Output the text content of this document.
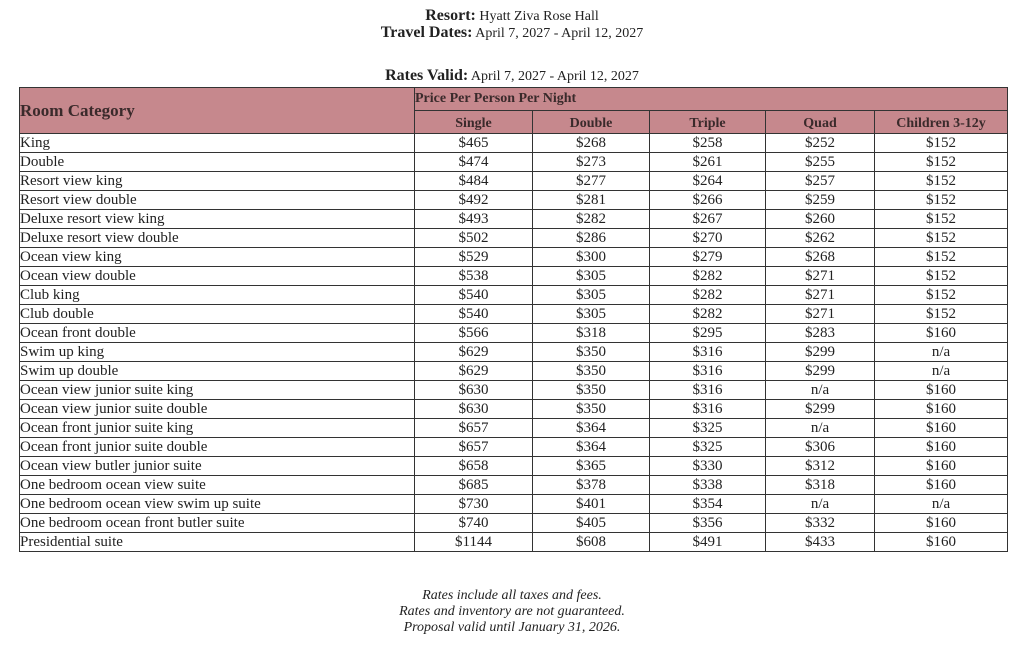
Resort: Hyatt Ziva Rose Hall
Travel Dates: April 7, 2027 - April 12, 2027
Rates Valid: April 7, 2027 - April 12, 2027
Room Category	Price Per Person Per Night				
	Single	Double	Triple	Quad	Children 3-12y
King	$465	$268	$258	$252	$152
Double	$474	$273	$261	$255	$152
Resort view king	$484	$277	$264	$257	$152
Resort view double	$492	$281	$266	$259	$152
Deluxe resort view king	$493	$282	$267	$260	$152
Deluxe resort view double	$502	$286	$270	$262	$152
Ocean view king	$529	$300	$279	$268	$152
Ocean view double	$538	$305	$282	$271	$152
Club king	$540	$305	$282	$271	$152
Club double	$540	$305	$282	$271	$152
Ocean front double	$566	$318	$295	$283	$160
Swim up king	$629	$350	$316	$299	n/a
Swim up double	$629	$350	$316	$299	n/a
Ocean view junior suite king	$630	$350	$316	n/a	$160
Ocean view junior suite double	$630	$350	$316	$299	$160
Ocean front junior suite king	$657	$364	$325	n/a	$160
Ocean front junior suite double	$657	$364	$325	$306	$160
Ocean view butler junior suite	$658	$365	$330	$312	$160
One bedroom ocean view suite	$685	$378	$338	$318	$160
One bedroom ocean view swim up suite	$730	$401	$354	n/a	n/a
One bedroom ocean front butler suite	$740	$405	$356	$332	$160
Presidential suite	$1144	$608	$491	$433	$160
Rates include all taxes and fees.
Rates and inventory are not guaranteed.
Proposal valid until January 31, 2026.
